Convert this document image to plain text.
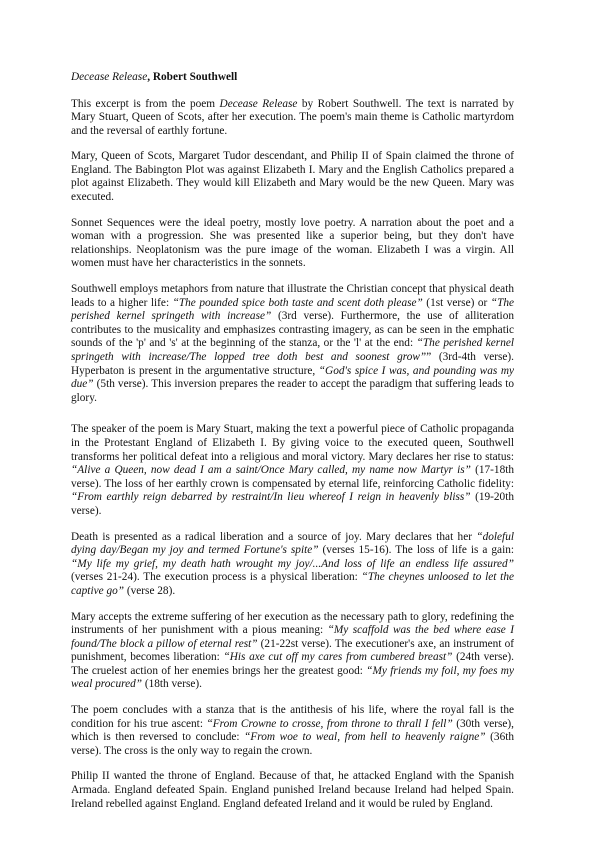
Decease Release, Robert Southwell

This excerpt is from the poem Decease Release by Robert Southwell. The text is narrated by Mary Stuart, Queen of Scots, after her execution. The poem's main theme is Catholic martyrdom and the reversal of earthly fortune.

Mary, Queen of Scots, Margaret Tudor descendant, and Philip II of Spain claimed the throne of England. The Babington Plot was against Elizabeth I. Mary and the English Catholics prepared a plot against Elizabeth. They would kill Elizabeth and Mary would be the new Queen. Mary was executed.

Sonnet Sequences were the ideal poetry, mostly love poetry. A narration about the poet and a woman with a progression. She was presented like a superior being, but they don't have relationships. Neoplatonism was the pure image of the woman. Elizabeth I was a virgin. All women must have her characteristics in the sonnets.

Southwell employs metaphors from nature that illustrate the Christian concept that physical death leads to a higher life: “The pounded spice both taste and scent doth please” (1st verse) or “The perished kernel springeth with increase” (3rd verse). Furthermore, the use of alliteration contributes to the musicality and emphasizes contrasting imagery, as can be seen in the emphatic sounds of the 'p' and 's' at the beginning of the stanza, or the 'l' at the end: “The perished kernel springeth with increase/The lopped tree doth best and soonest grow”” (3rd-4th verse). Hyperbaton is present in the argumentative structure, “God's spice I was, and pounding was my due” (5th verse). This inversion prepares the reader to accept the paradigm that suffering leads to glory.

The speaker of the poem is Mary Stuart, making the text a powerful piece of Catholic propaganda in the Protestant England of Elizabeth I. By giving voice to the executed queen, Southwell transforms her political defeat into a religious and moral victory. Mary declares her rise to status: “Alive a Queen, now dead I am a saint/Once Mary called, my name now Martyr is” (17-18th verse). The loss of her earthly crown is compensated by eternal life, reinforcing Catholic fidelity: “From earthly reign debarred by restraint/In lieu whereof I reign in heavenly bliss” (19-20th verse).

Death is presented as a radical liberation and a source of joy. Mary declares that her “doleful dying day/Began my joy and termed Fortune's spite” (verses 15-16). The loss of life is a gain: “My life my grief, my death hath wrought my joy/...And loss of life an endless life assured” (verses 21-24). The execution process is a physical liberation: “The cheynes unloosed to let the captive go” (verse 28).

Mary accepts the extreme suffering of her execution as the necessary path to glory, redefining the instruments of her punishment with a pious meaning: “My scaffold was the bed where ease I found/The block a pillow of eternal rest” (21-22st verse). The executioner's axe, an instrument of punishment, becomes liberation: “His axe cut off my cares from cumbered breast” (24th verse). The cruelest action of her enemies brings her the greatest good: “My friends my foil, my foes my weal procured” (18th verse).

The poem concludes with a stanza that is the antithesis of his life, where the royal fall is the condition for his true ascent: “From Crowne to crosse, from throne to thrall I fell” (30th verse), which is then reversed to conclude: “From woe to weal, from hell to heavenly raigne” (36th verse). The cross is the only way to regain the crown.

Philip II wanted the throne of England. Because of that, he attacked England with the Spanish Armada. England defeated Spain. England punished Ireland because Ireland had helped Spain. Ireland rebelled against England. England defeated Ireland and it would be ruled by England.
